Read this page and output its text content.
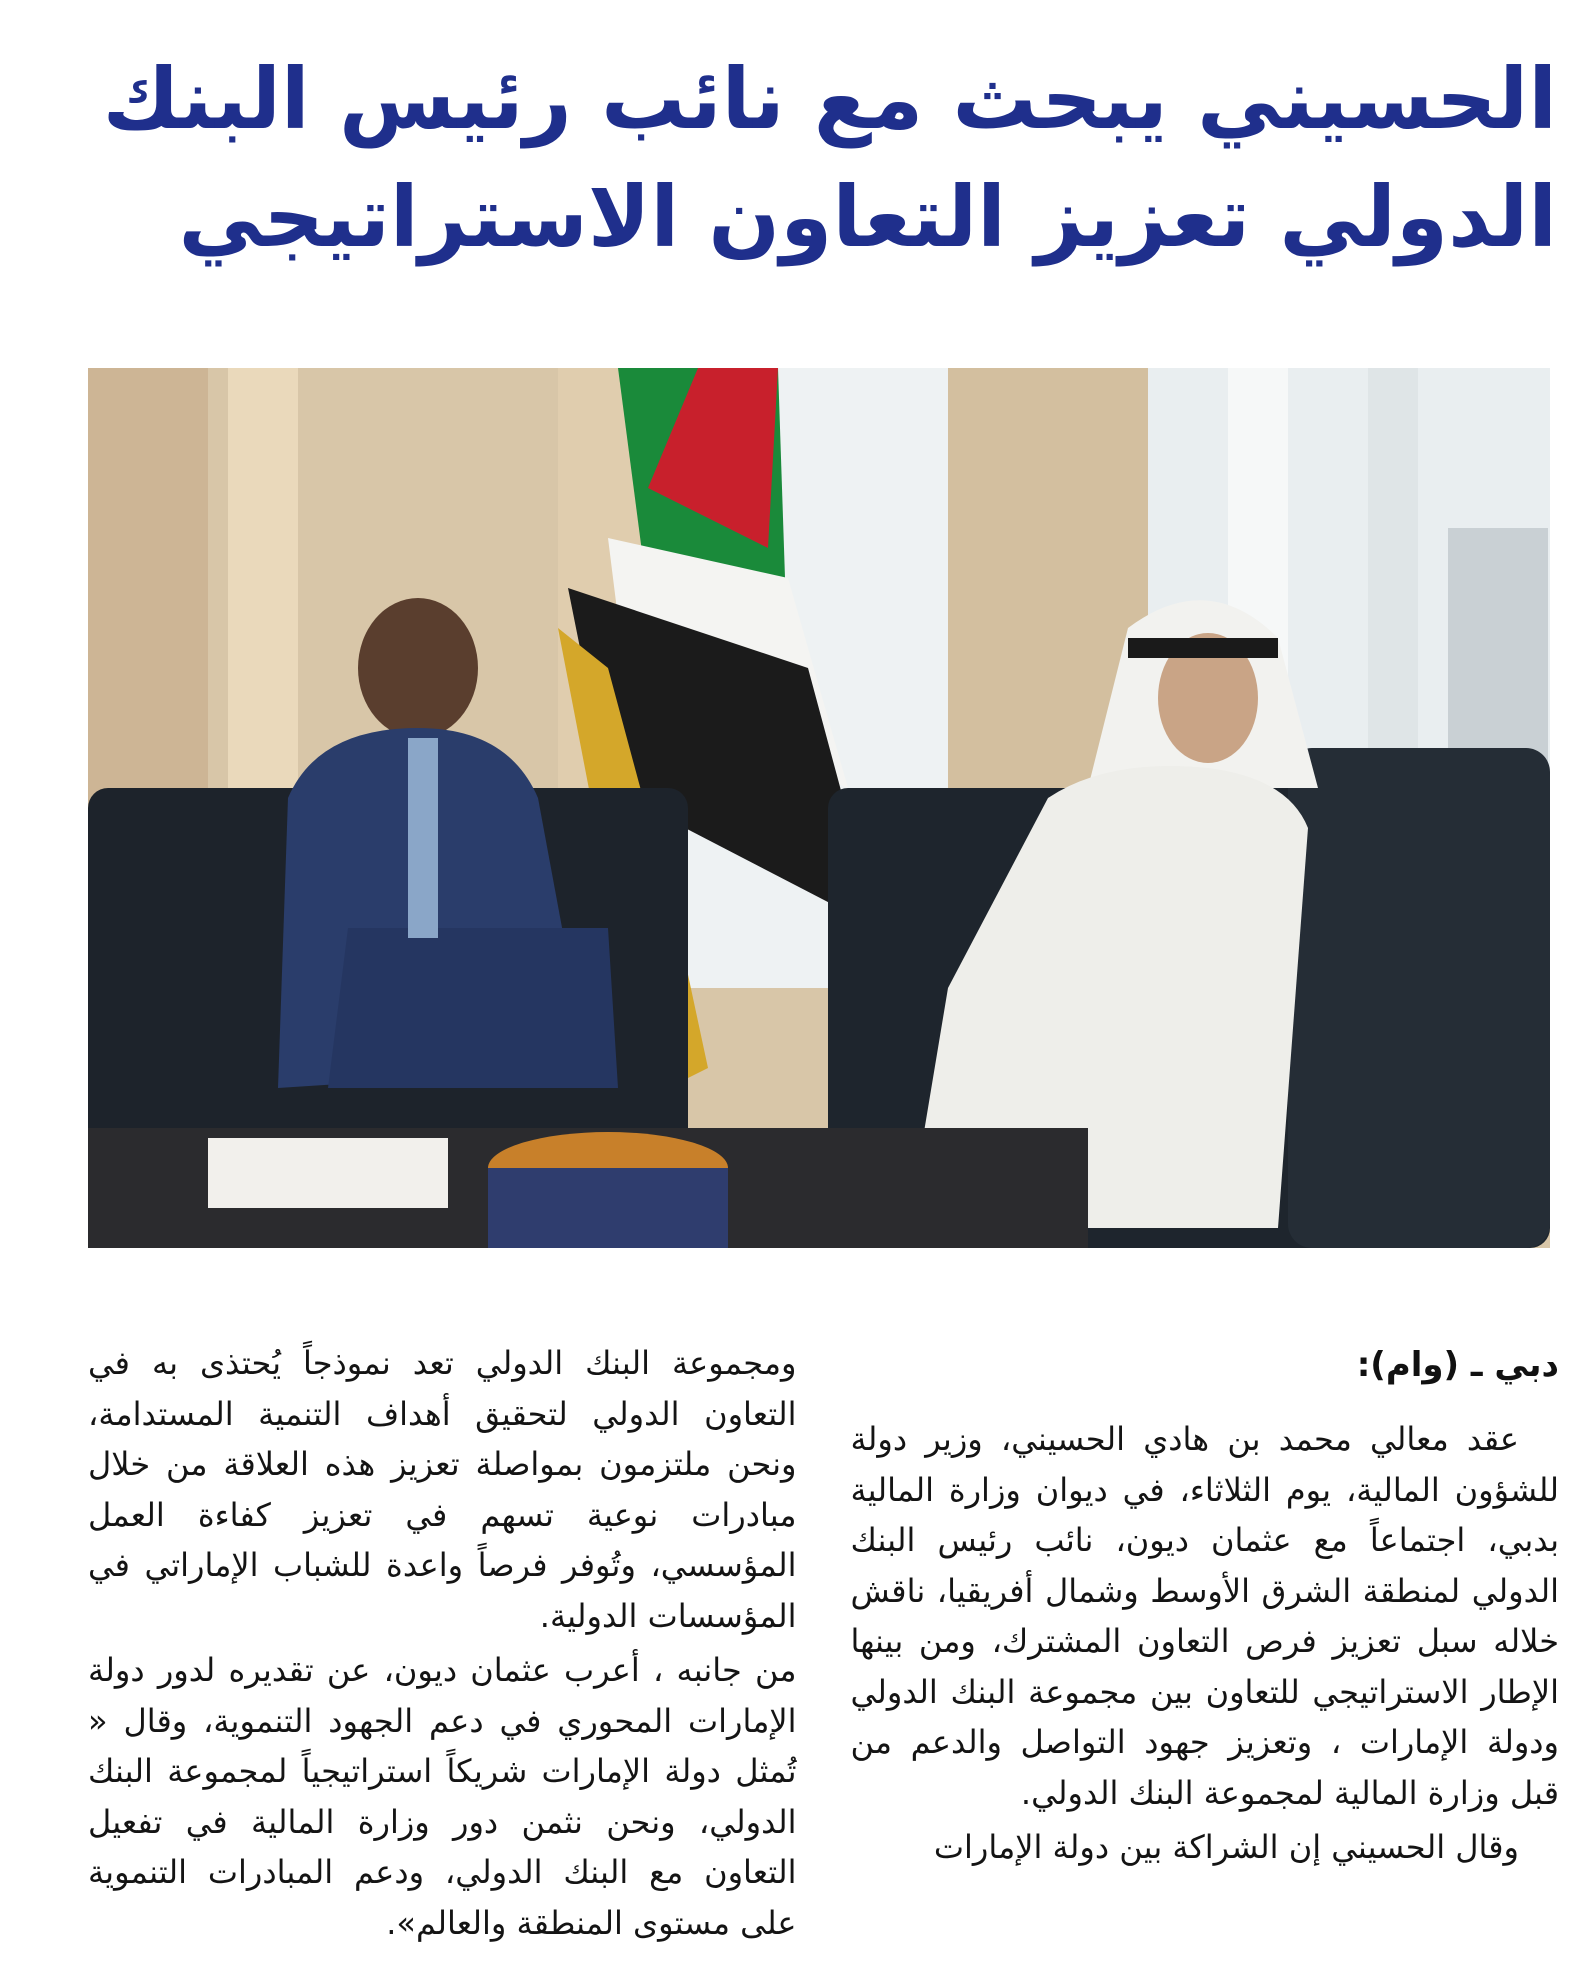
الحسيني يبحث مع نائب رئيس البنك الدولي تعزيز التعاون الاستراتيجي

دبي ـ (وام):

عقد معالي محمد بن هادي الحسيني، وزير دولة للشؤون المالية، يوم الثلاثاء، في ديوان وزارة المالية بدبي، اجتماعاً مع عثمان ديون، نائب رئيس البنك الدولي لمنطقة الشرق الأوسط وشمال أفريقيا، ناقش خلاله سبل تعزيز فرص التعاون المشترك، ومن بينها الإطار الاستراتيجي للتعاون بين مجموعة البنك الدولي ودولة الإمارات ، وتعزيز جهود التواصل والدعم من قبل وزارة المالية لمجموعة البنك الدولي.

وقال الحسيني إن الشراكة بين دولة الإمارات

ومجموعة البنك الدولي تعد نموذجاً يُحتذى به في التعاون الدولي لتحقيق أهداف التنمية المستدامة، ونحن ملتزمون بمواصلة تعزيز هذه العلاقة من خلال مبادرات نوعية تسهم في تعزيز كفاءة العمل المؤسسي، وتُوفر فرصاً واعدة للشباب الإماراتي في المؤسسات الدولية.

من جانبه ، أعرب عثمان ديون، عن تقديره لدور دولة الإمارات المحوري في دعم الجهود التنموية، وقال « تُمثل دولة الإمارات شريكاً استراتيجياً لمجموعة البنك الدولي، ونحن نثمن دور وزارة المالية في تفعيل التعاون مع البنك الدولي، ودعم المبادرات التنموية على مستوى المنطقة والعالم».
